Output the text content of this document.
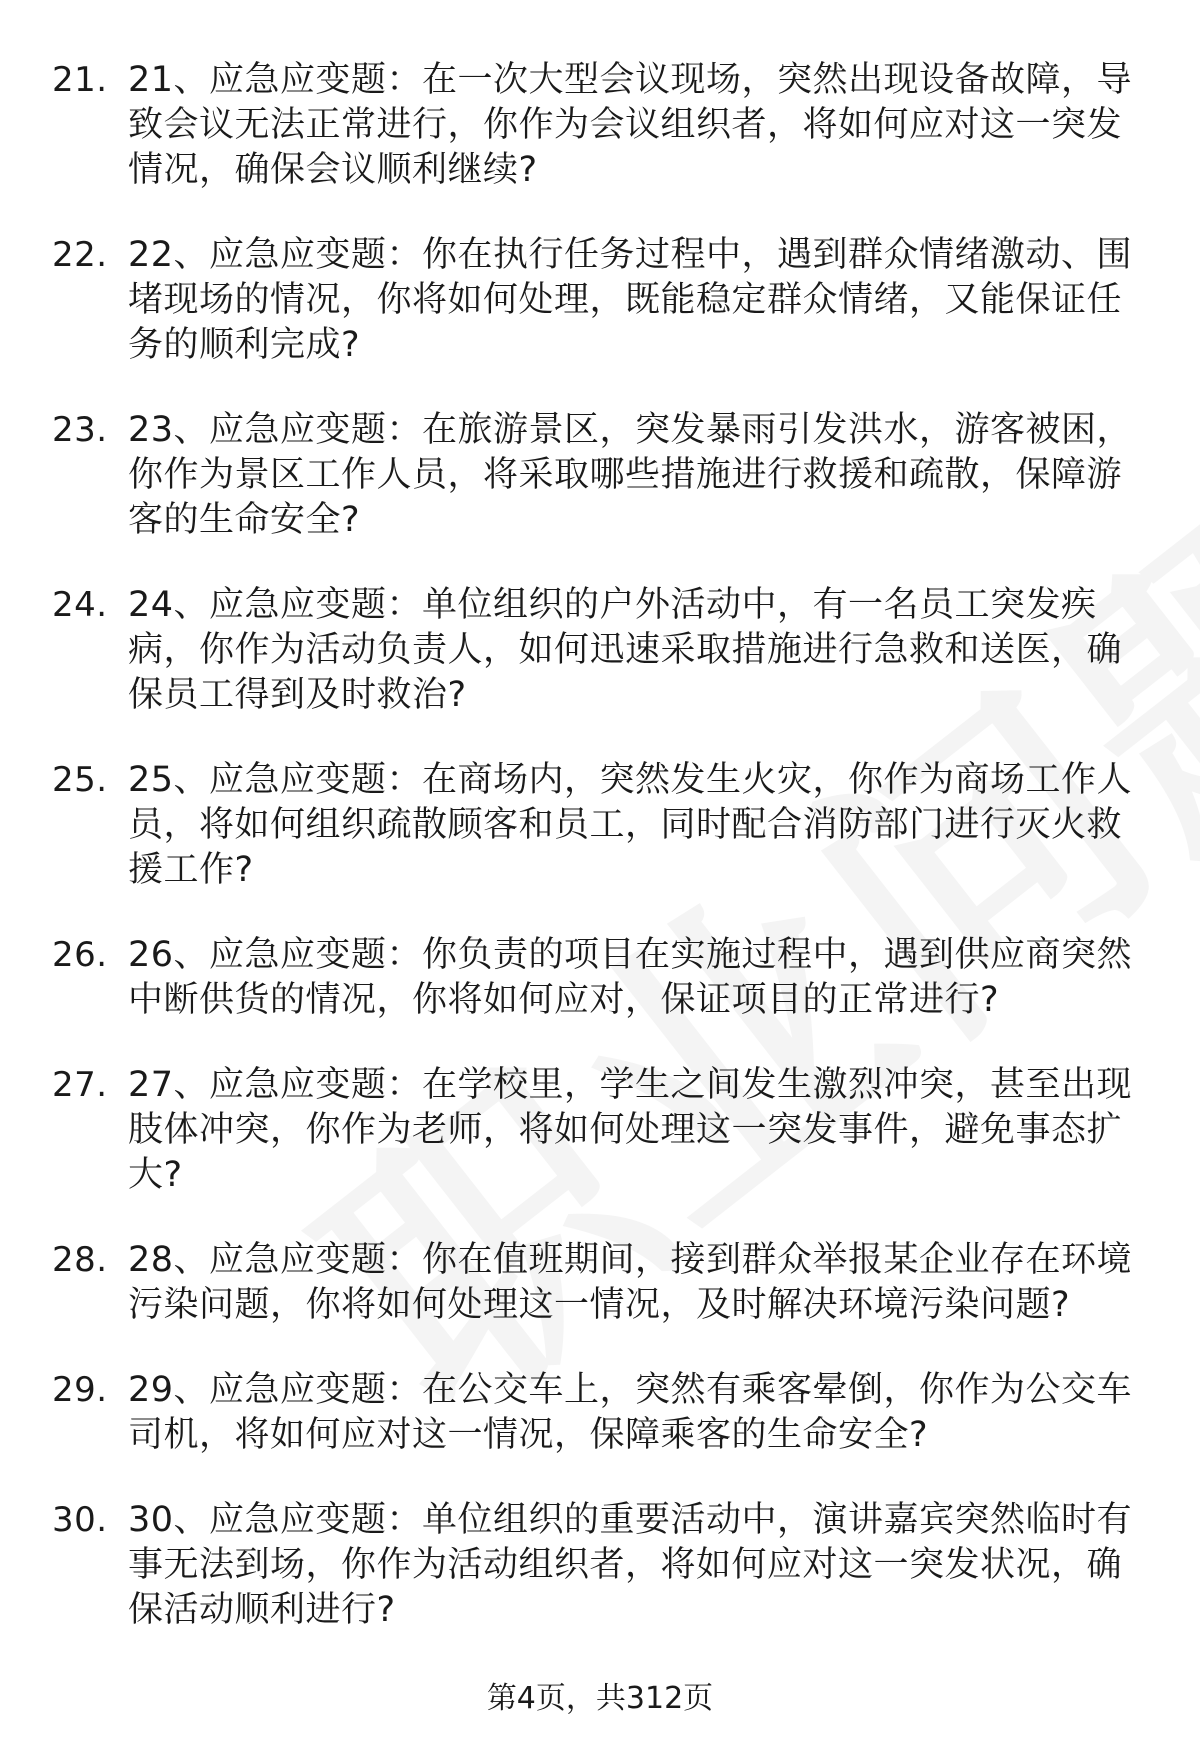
21. 21、应急应变题：在一次大型会议现场，突然出现设备故障，导致会议无法正常进行，你作为会议组织者，将如何应对这一突发情况，确保会议顺利继续?
22. 22、应急应变题：你在执行任务过程中，遇到群众情绪激动、围堵现场的情况，你将如何处理，既能稳定群众情绪，又能保证任务的顺利完成?
23. 23、应急应变题：在旅游景区，突发暴雨引发洪水，游客被困，你作为景区工作人员，将采取哪些措施进行救援和疏散，保障游客的生命安全?
24. 24、应急应变题：单位组织的户外活动中，有一名员工突发疾病，你作为活动负责人，如何迅速采取措施进行急救和送医，确保员工得到及时救治?
25. 25、应急应变题：在商场内，突然发生火灾，你作为商场工作人员，将如何组织疏散顾客和员工，同时配合消防部门进行灭火救援工作?
26. 26、应急应变题：你负责的项目在实施过程中，遇到供应商突然中断供货的情况，你将如何应对，保证项目的正常进行?
27. 27、应急应变题：在学校里，学生之间发生激烈冲突，甚至出现肢体冲突，你作为老师，将如何处理这一突发事件，避免事态扩大?
28. 28、应急应变题：你在值班期间，接到群众举报某企业存在环境污染问题，你将如何处理这一情况，及时解决环境污染问题?
29. 29、应急应变题：在公交车上，突然有乘客晕倒，你作为公交车司机，将如何应对这一情况，保障乘客的生命安全?
30. 30、应急应变题：单位组织的重要活动中，演讲嘉宾突然临时有事无法到场，你作为活动组织者，将如何应对这一突发状况，确保活动顺利进行?
第4页，共312页
